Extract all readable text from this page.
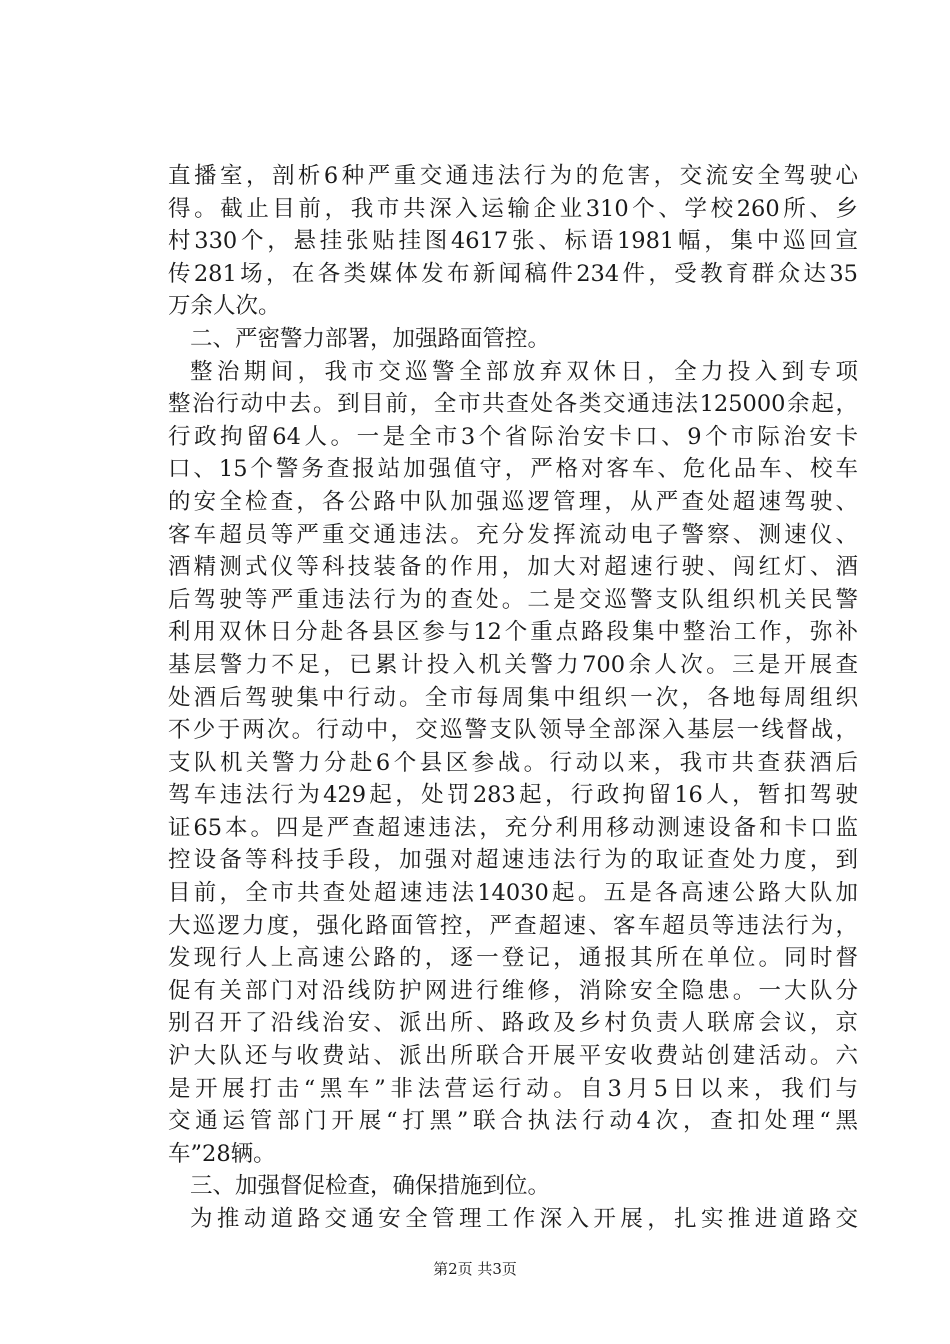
直播室，剖析6种严重交通违法行为的危害，交流安全驾驶心
得。截止目前，我市共深入运输企业310个、学校260所、乡
村330个，悬挂张贴挂图4617张、标语1981幅，集中巡回宣
传281场，在各类媒体发布新闻稿件234件，受教育群众达35
万余人次。
二、严密警力部署，加强路面管控。
整治期间，我市交巡警全部放弃双休日，全力投入到专项
整治行动中去。到目前，全市共查处各类交通违法125000余起，
行政拘留64人。一是全市3个省际治安卡口、9个市际治安卡
口、15个警务查报站加强值守，严格对客车、危化品车、校车
的安全检查，各公路中队加强巡逻管理，从严查处超速驾驶、
客车超员等严重交通违法。充分发挥流动电子警察、测速仪、
酒精测式仪等科技装备的作用，加大对超速行驶、闯红灯、酒
后驾驶等严重违法行为的查处。二是交巡警支队组织机关民警
利用双休日分赴各县区参与12个重点路段集中整治工作，弥补
基层警力不足，已累计投入机关警力700余人次。三是开展查
处酒后驾驶集中行动。全市每周集中组织一次，各地每周组织
不少于两次。行动中，交巡警支队领导全部深入基层一线督战，
支队机关警力分赴6个县区参战。行动以来，我市共查获酒后
驾车违法行为429起，处罚283起，行政拘留16人，暂扣驾驶
证65本。四是严查超速违法，充分利用移动测速设备和卡口监
控设备等科技手段，加强对超速违法行为的取证查处力度，到
目前，全市共查处超速违法14030起。五是各高速公路大队加
大巡逻力度，强化路面管控，严查超速、客车超员等违法行为，
发现行人上高速公路的，逐一登记，通报其所在单位。同时督
促有关部门对沿线防护网进行维修，消除安全隐患。一大队分
别召开了沿线治安、派出所、路政及乡村负责人联席会议，京
沪大队还与收费站、派出所联合开展平安收费站创建活动。六
是开展打击“黑车”非法营运行动。自3月5日以来，我们与
交通运管部门开展“打黑”联合执法行动4次，查扣处理“黑
车”28辆。
三、加强督促检查，确保措施到位。
为推动道路交通安全管理工作深入开展，扎实推进道路交
第2页 共3页
